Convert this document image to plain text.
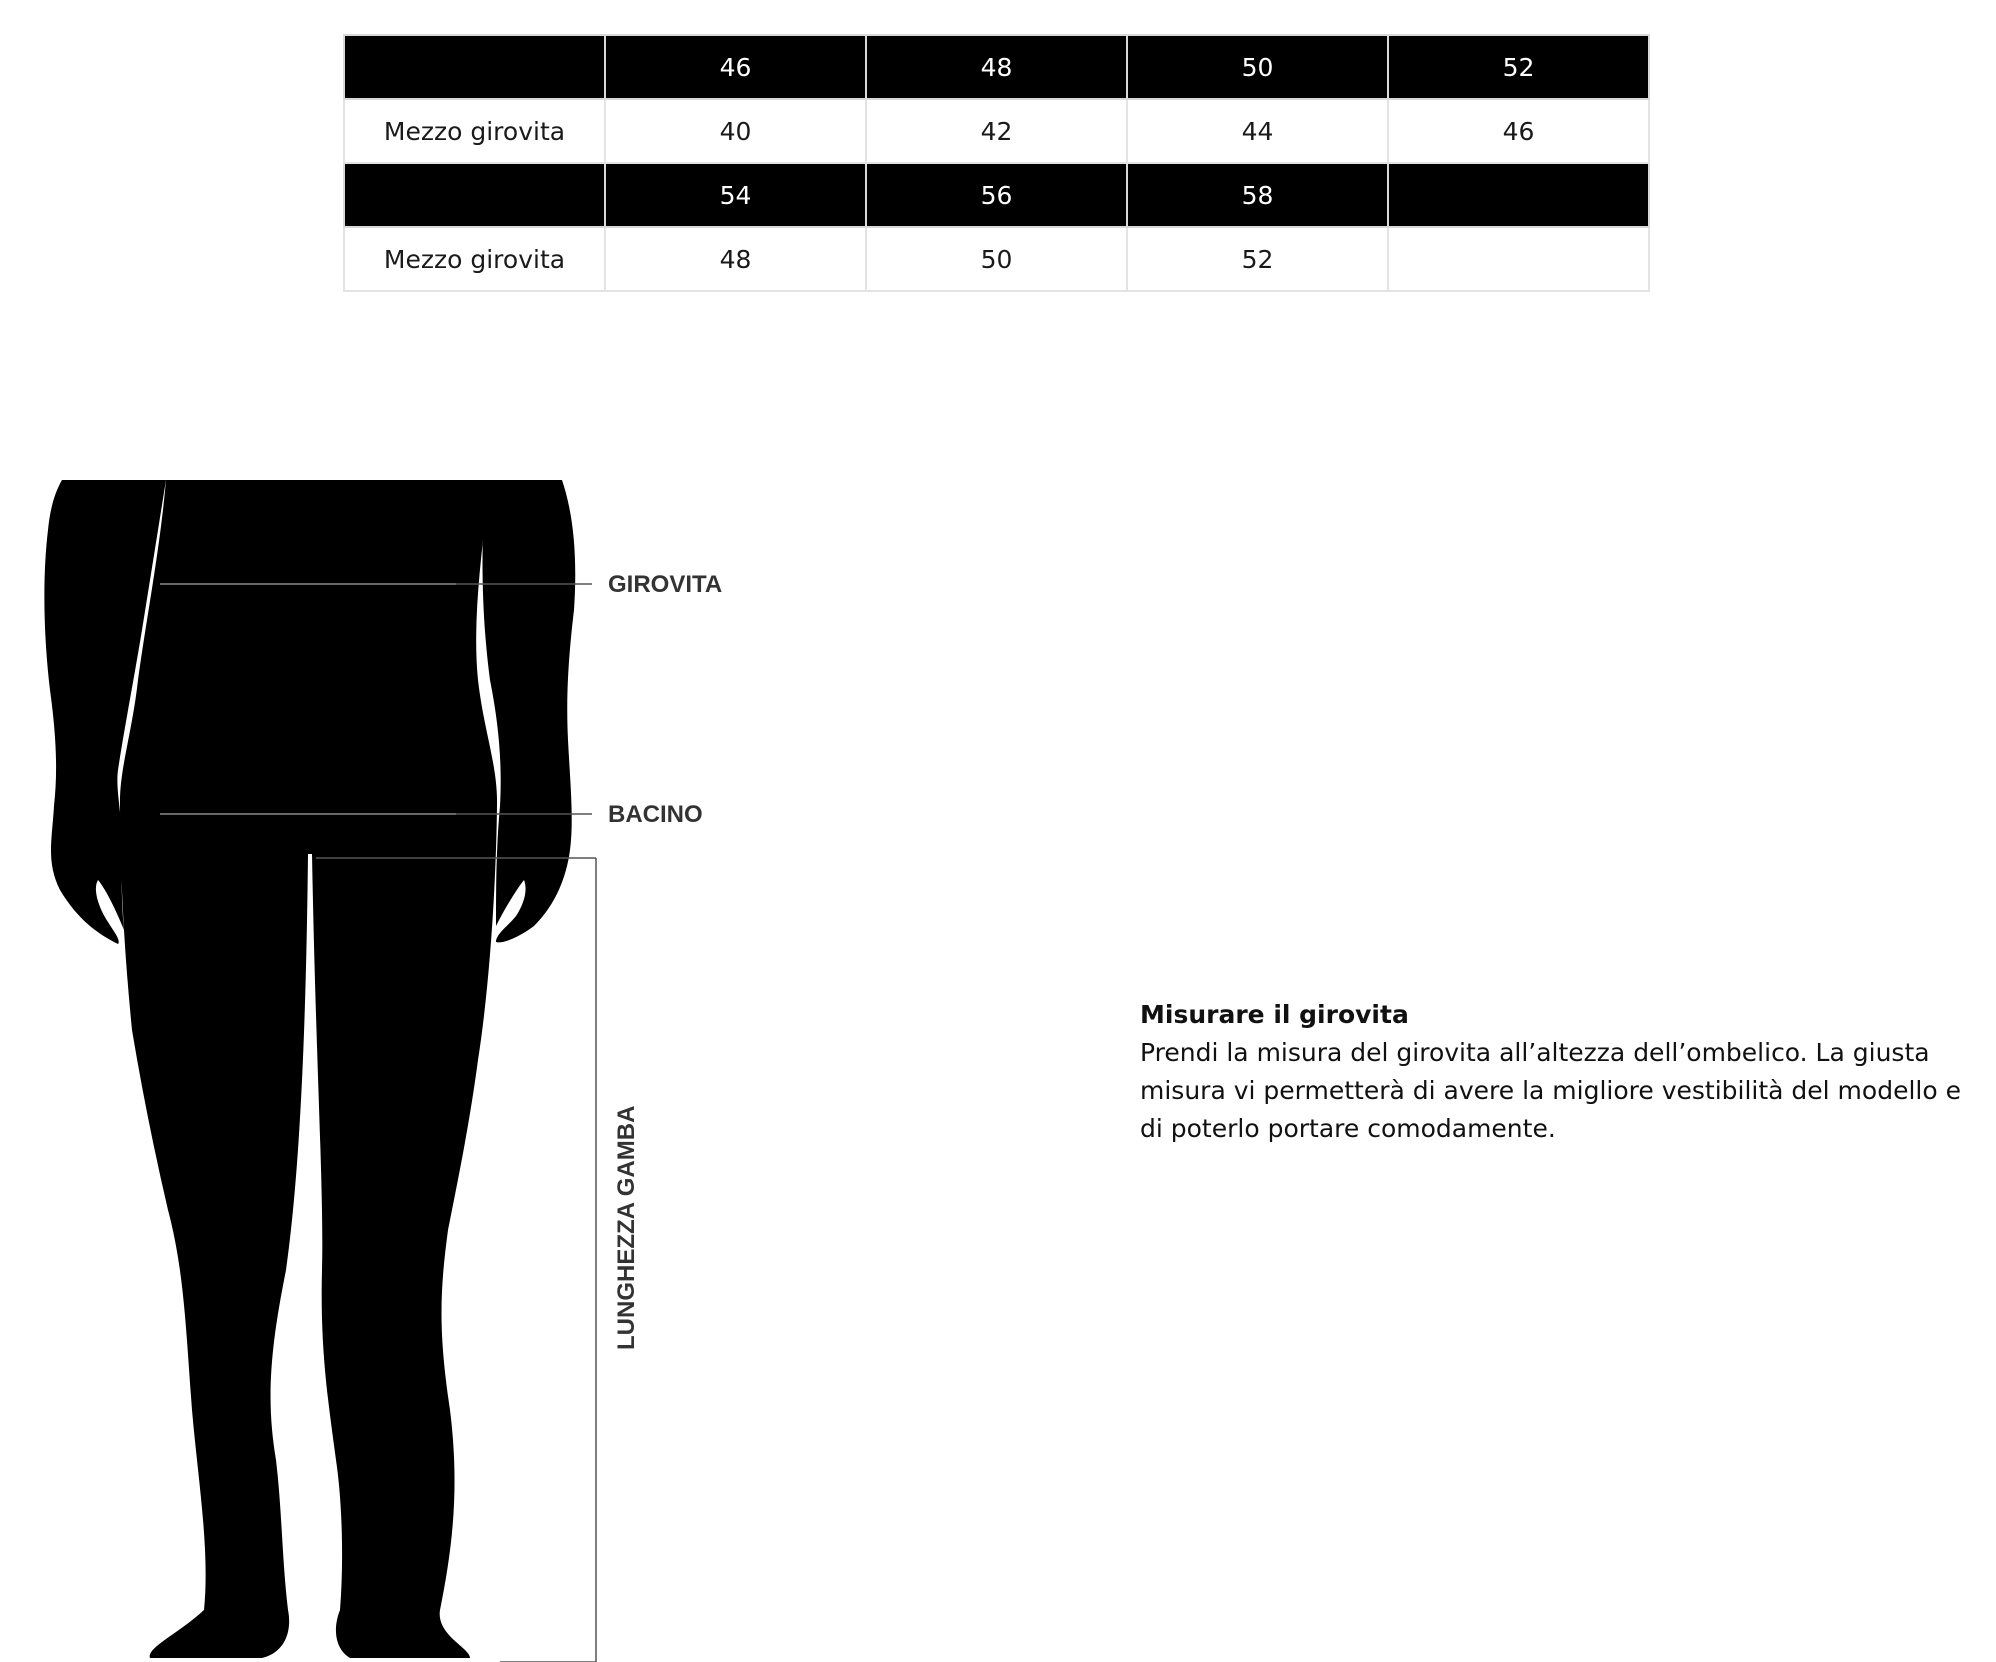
	46	48	50	52
Mezzo girovita	40	42	44	46
	54	56	58	
Mezzo girovita	48	50	52	
GIROVITA
BACINO
LUNGHEZZA GAMBA
Misurare il girovita

Prendi la misura del girovita all’altezza dell’ombelico. La giusta misura vi permetterà di avere la migliore vestibilità del modello e di poterlo portare comodamente.
